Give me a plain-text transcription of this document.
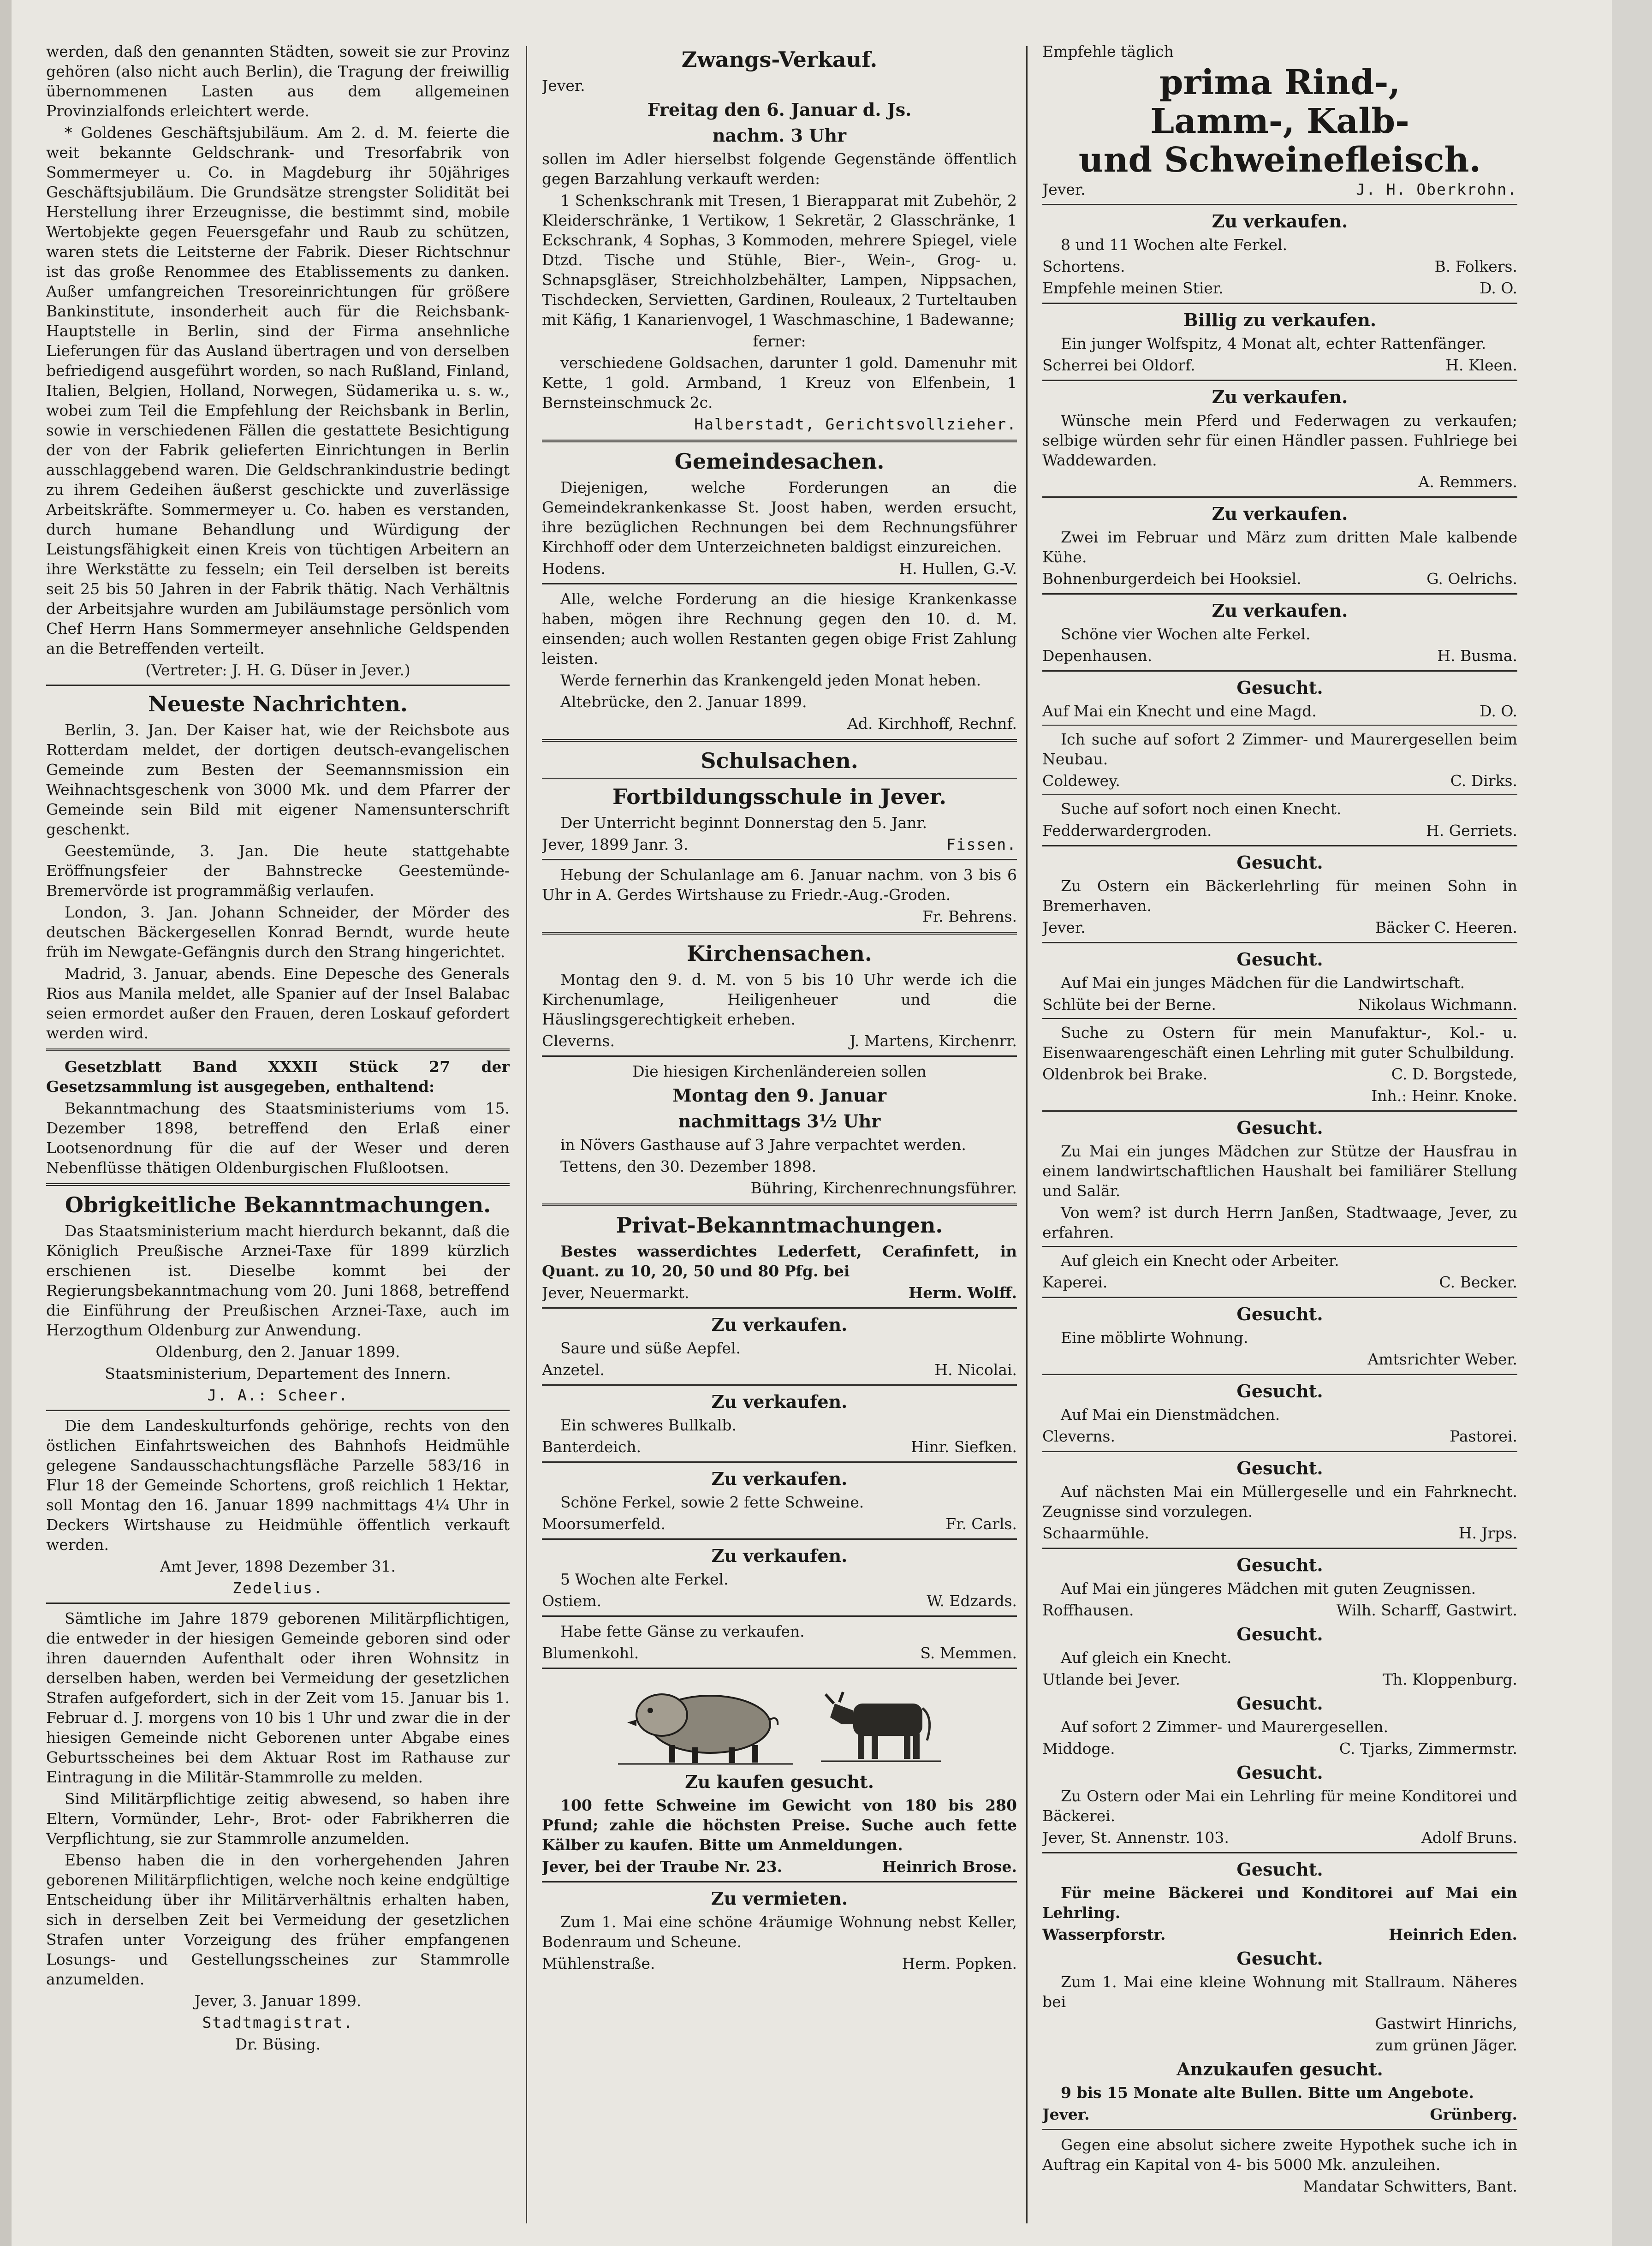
werden, daß den genannten Städten, soweit sie zur Provinz gehören (also nicht auch Berlin), die Tragung der freiwillig übernommenen Lasten aus dem allgemeinen Provinzialfonds erleichtert werde.

* Goldenes Geschäftsjubiläum. Am 2. d. M. feierte die weit bekannte Geldschrank- und Tresorfabrik von Sommermeyer u. Co. in Magdeburg ihr 50jähriges Geschäftsjubiläum. Die Grundsätze strengster Solidität bei Herstellung ihrer Erzeugnisse, die bestimmt sind, mobile Wertobjekte gegen Feuersgefahr und Raub zu schützen, waren stets die Leitsterne der Fabrik. Dieser Richtschnur ist das große Renommee des Etablissements zu danken. Außer umfangreichen Tresoreinrichtungen für größere Bankinstitute, insonderheit auch für die Reichsbank-Hauptstelle in Berlin, sind der Firma ansehnliche Lieferungen für das Ausland übertragen und von derselben befriedigend ausgeführt worden, so nach Rußland, Finland, Italien, Belgien, Holland, Norwegen, Südamerika u. s. w., wobei zum Teil die Empfehlung der Reichsbank in Berlin, sowie in verschiedenen Fällen die gestattete Besichtigung der von der Fabrik gelieferten Einrichtungen in Berlin ausschlaggebend waren. Die Geldschrankindustrie bedingt zu ihrem Gedeihen äußerst geschickte und zuverlässige Arbeitskräfte. Sommermeyer u. Co. haben es verstanden, durch humane Behandlung und Würdigung der Leistungsfähigkeit einen Kreis von tüchtigen Arbeitern an ihre Werkstätte zu fesseln; ein Teil derselben ist bereits seit 25 bis 50 Jahren in der Fabrik thätig. Nach Verhältnis der Arbeitsjahre wurden am Jubiläumstage persönlich vom Chef Herrn Hans Sommermeyer ansehnliche Geldspenden an die Betreffenden verteilt.

(Vertreter: J. H. G. Düser in Jever.)

Neueste Nachrichten.

Berlin, 3. Jan. Der Kaiser hat, wie der Reichsbote aus Rotterdam meldet, der dortigen deutsch-evangelischen Gemeinde zum Besten der Seemannsmission ein Weihnachtsgeschenk von 3000 Mk. und dem Pfarrer der Gemeinde sein Bild mit eigener Namensunterschrift geschenkt.

Geestemünde, 3. Jan. Die heute stattgehabte Eröffnungsfeier der Bahnstrecke Geestemünde-Bremervörde ist programmäßig verlaufen.

London, 3. Jan. Johann Schneider, der Mörder des deutschen Bäckergesellen Konrad Berndt, wurde heute früh im Newgate-Gefängnis durch den Strang hingerichtet.

Madrid, 3. Januar, abends. Eine Depesche des Generals Rios aus Manila meldet, alle Spanier auf der Insel Balabac seien ermordet außer den Frauen, deren Loskauf gefordert werden wird.

Gesetzblatt Band XXXII Stück 27 der Gesetzsammlung ist ausgegeben, enthaltend:

Bekanntmachung des Staatsministeriums vom 15. Dezember 1898, betreffend den Erlaß einer Lootsenordnung für die auf der Weser und deren Nebenflüsse thätigen Oldenburgischen Flußlootsen.

Obrigkeitliche Bekanntmachungen.

Das Staatsministerium macht hierdurch bekannt, daß die Königlich Preußische Arznei-Taxe für 1899 kürzlich erschienen ist. Dieselbe kommt bei der Regierungsbekanntmachung vom 20. Juni 1868, betreffend die Einführung der Preußischen Arznei-Taxe, auch im Herzogthum Oldenburg zur Anwendung.

Oldenburg, den 2. Januar 1899.

Staatsministerium, Departement des Innern.

J. A.: Scheer.

Die dem Landeskulturfonds gehörige, rechts von den östlichen Einfahrtsweichen des Bahnhofs Heidmühle gelegene Sandausschachtungsfläche Parzelle 583/16 in Flur 18 der Gemeinde Schortens, groß reichlich 1 Hektar, soll Montag den 16. Januar 1899 nachmittags 4¼ Uhr in Deckers Wirtshause zu Heidmühle öffentlich verkauft werden.

Amt Jever, 1898 Dezember 31.

Zedelius.

Sämtliche im Jahre 1879 geborenen Militärpflichtigen, die entweder in der hiesigen Gemeinde geboren sind oder ihren dauernden Aufenthalt oder ihren Wohnsitz in derselben haben, werden bei Vermeidung der gesetzlichen Strafen aufgefordert, sich in der Zeit vom 15. Januar bis 1. Februar d. J. morgens von 10 bis 1 Uhr und zwar die in der hiesigen Gemeinde nicht Geborenen unter Abgabe eines Geburtsscheines bei dem Aktuar Rost im Rathause zur Eintragung in die Militär-Stammrolle zu melden.

Sind Militärpflichtige zeitig abwesend, so haben ihre Eltern, Vormünder, Lehr-, Brot- oder Fabrikherren die Verpflichtung, sie zur Stammrolle anzumelden.

Ebenso haben die in den vorhergehenden Jahren geborenen Militärpflichtigen, welche noch keine endgültige Entscheidung über ihr Militärverhältnis erhalten haben, sich in derselben Zeit bei Vermeidung der gesetzlichen Strafen unter Vorzeigung des früher empfangenen Losungs- und Gestellungsscheines zur Stammrolle anzumelden.

Jever, 3. Januar 1899.

Stadtmagistrat.

Dr. Büsing.

Zwangs-Verkauf.

Jever.

Freitag den 6. Januar d. Js.
nachm. 3 Uhr

sollen im Adler hierselbst folgende Gegenstände öffentlich gegen Barzahlung verkauft werden:

1 Schenkschrank mit Tresen, 1 Bierapparat mit Zubehör, 2 Kleiderschränke, 1 Vertikow, 1 Sekretär, 2 Glasschränke, 1 Eckschrank, 4 Sophas, 3 Kommoden, mehrere Spiegel, viele Dtzd. Tische und Stühle, Bier-, Wein-, Grog- u. Schnapsgläser, Streichholzbehälter, Lampen, Nippsachen, Tischdecken, Servietten, Gardinen, Rouleaux, 2 Turteltauben mit Käfig, 1 Kanarienvogel, 1 Waschmaschine, 1 Badewanne;

ferner:

verschiedene Goldsachen, darunter 1 gold. Damenuhr mit Kette, 1 gold. Armband, 1 Kreuz von Elfenbein, 1 Bernsteinschmuck 2c.

Halberstadt, Gerichtsvollzieher.

Gemeindesachen.

Diejenigen, welche Forderungen an die Gemeindekrankenkasse St. Joost haben, werden ersucht, ihre bezüglichen Rechnungen bei dem Rechnungsführer Kirchhoff oder dem Unterzeichneten baldigst einzureichen.

Hodens.	H. Hullen, G.-V.

Alle, welche Forderung an die hiesige Krankenkasse haben, mögen ihre Rechnung gegen den 10. d. M. einsenden; auch wollen Restanten gegen obige Frist Zahlung leisten.

Werde fernerhin das Krankengeld jeden Monat heben.

Altebrücke, den 2. Januar 1899.

Ad. Kirchhoff, Rechnf.

Schulsachen.
Fortbildungsschule in Jever.

Der Unterricht beginnt Donnerstag den 5. Janr.

Jever, 1899 Janr. 3.	Fissen.

Hebung der Schulanlage am 6. Januar nachm. von 3 bis 6 Uhr in A. Gerdes Wirtshause zu Friedr.-Aug.-Groden.

Fr. Behrens.

Kirchensachen.

Montag den 9. d. M. von 5 bis 10 Uhr werde ich die Kirchenumlage, Heiligenheuer und die Häuslingsgerechtigkeit erheben.

Cleverns.	J. Martens, Kirchenrr.

Die hiesigen Kirchenländereien sollen

Montag den 9. Januar
nachmittags 3½ Uhr

in Növers Gasthause auf 3 Jahre verpachtet werden.

Tettens, den 30. Dezember 1898.

Bühring, Kirchenrechnungsführer.

Privat-Bekanntmachungen.

Bestes wasserdichtes Lederfett, Cerafinfett, in Quant. zu 10, 20, 50 und 80 Pfg. bei

Jever, Neuermarkt.	Herm. Wolff.
Zu verkaufen.

Saure und süße Aepfel.

Anzetel.	H. Nicolai.
Zu verkaufen.

Ein schweres Bullkalb.

Banterdeich.	Hinr. Siefken.
Zu verkaufen.

Schöne Ferkel, sowie 2 fette Schweine.

Moorsumerfeld.	Fr. Carls.
Zu verkaufen.

5 Wochen alte Ferkel.

Ostiem.	W. Edzards.

Habe fette Gänse zu verkaufen.

Blumenkohl.	S. Memmen.
Zu kaufen gesucht.

100 fette Schweine im Gewicht von 180 bis 280 Pfund; zahle die höchsten Preise. Suche auch fette Kälber zu kaufen. Bitte um Anmeldungen.

Jever, bei der Traube Nr. 23.	Heinrich Brose.
Zu vermieten.

Zum 1. Mai eine schöne 4räumige Wohnung nebst Keller, Bodenraum und Scheune.

Mühlenstraße.	Herm. Popken.

Empfehle täglich

prima Rind-,
Lamm-, Kalb-
und Schweinefleisch.
Jever.	J. H. Oberkrohn.
Zu verkaufen.

8 und 11 Wochen alte Ferkel.

Schortens.	B. Folkers.
Empfehle meinen Stier.	D. O.
Billig zu verkaufen.

Ein junger Wolfspitz, 4 Monat alt, echter Rattenfänger.

Scherrei bei Oldorf.	H. Kleen.
Zu verkaufen.

Wünsche mein Pferd und Federwagen zu verkaufen; selbige würden sehr für einen Händler passen. Fuhlriege bei Waddewarden.

A. Remmers.

Zu verkaufen.

Zwei im Februar und März zum dritten Male kalbende Kühe.

Bohnenburgerdeich bei Hooksiel.	G. Oelrichs.
Zu verkaufen.

Schöne vier Wochen alte Ferkel.

Depenhausen.	H. Busma.
Gesucht.
Auf Mai ein Knecht und eine Magd.	D. O.

Ich suche auf sofort 2 Zimmer- und Maurergesellen beim Neubau.

Coldewey.	C. Dirks.

Suche auf sofort noch einen Knecht.

Fedderwardergroden.	H. Gerriets.
Gesucht.

Zu Ostern ein Bäckerlehrling für meinen Sohn in Bremerhaven.

Jever.	Bäcker C. Heeren.
Gesucht.

Auf Mai ein junges Mädchen für die Landwirtschaft.

Schlüte bei der Berne.	Nikolaus Wichmann.

Suche zu Ostern für mein Manufaktur-, Kol.- u. Eisenwaarengeschäft einen Lehrling mit guter Schulbildung.

Oldenbrok bei Brake.	C. D. Borgstede,

Inh.: Heinr. Knoke.

Gesucht.

Zu Mai ein junges Mädchen zur Stütze der Hausfrau in einem landwirtschaftlichen Haushalt bei familiärer Stellung und Salär.

Von wem? ist durch Herrn Janßen, Stadtwaage, Jever, zu erfahren.

Auf gleich ein Knecht oder Arbeiter.

Kaperei.	C. Becker.
Gesucht.

Eine möblirte Wohnung.

Amtsrichter Weber.

Gesucht.

Auf Mai ein Dienstmädchen.

Cleverns.	Pastorei.
Gesucht.

Auf nächsten Mai ein Müllergeselle und ein Fahrknecht. Zeugnisse sind vorzulegen.

Schaarmühle.	H. Jrps.
Gesucht.

Auf Mai ein jüngeres Mädchen mit guten Zeugnissen.

Roffhausen.	Wilh. Scharff, Gastwirt.
Gesucht.

Auf gleich ein Knecht.

Utlande bei Jever.	Th. Kloppenburg.
Gesucht.

Auf sofort 2 Zimmer- und Maurergesellen.

Middoge.	C. Tjarks, Zimmermstr.
Gesucht.

Zu Ostern oder Mai ein Lehrling für meine Konditorei und Bäckerei.

Jever, St. Annenstr. 103.	Adolf Bruns.
Gesucht.

Für meine Bäckerei und Konditorei auf Mai ein Lehrling.

Wasserpforstr.	Heinrich Eden.
Gesucht.

Zum 1. Mai eine kleine Wohnung mit Stallraum. Näheres bei

Gastwirt Hinrichs,

zum grünen Jäger.

Anzukaufen gesucht.

9 bis 15 Monate alte Bullen. Bitte um Angebote.

Jever.	Grünberg.

Gegen eine absolut sichere zweite Hypothek suche ich in Auftrag ein Kapital von 4- bis 5000 Mk. anzuleihen.

Mandatar Schwitters, Bant.
